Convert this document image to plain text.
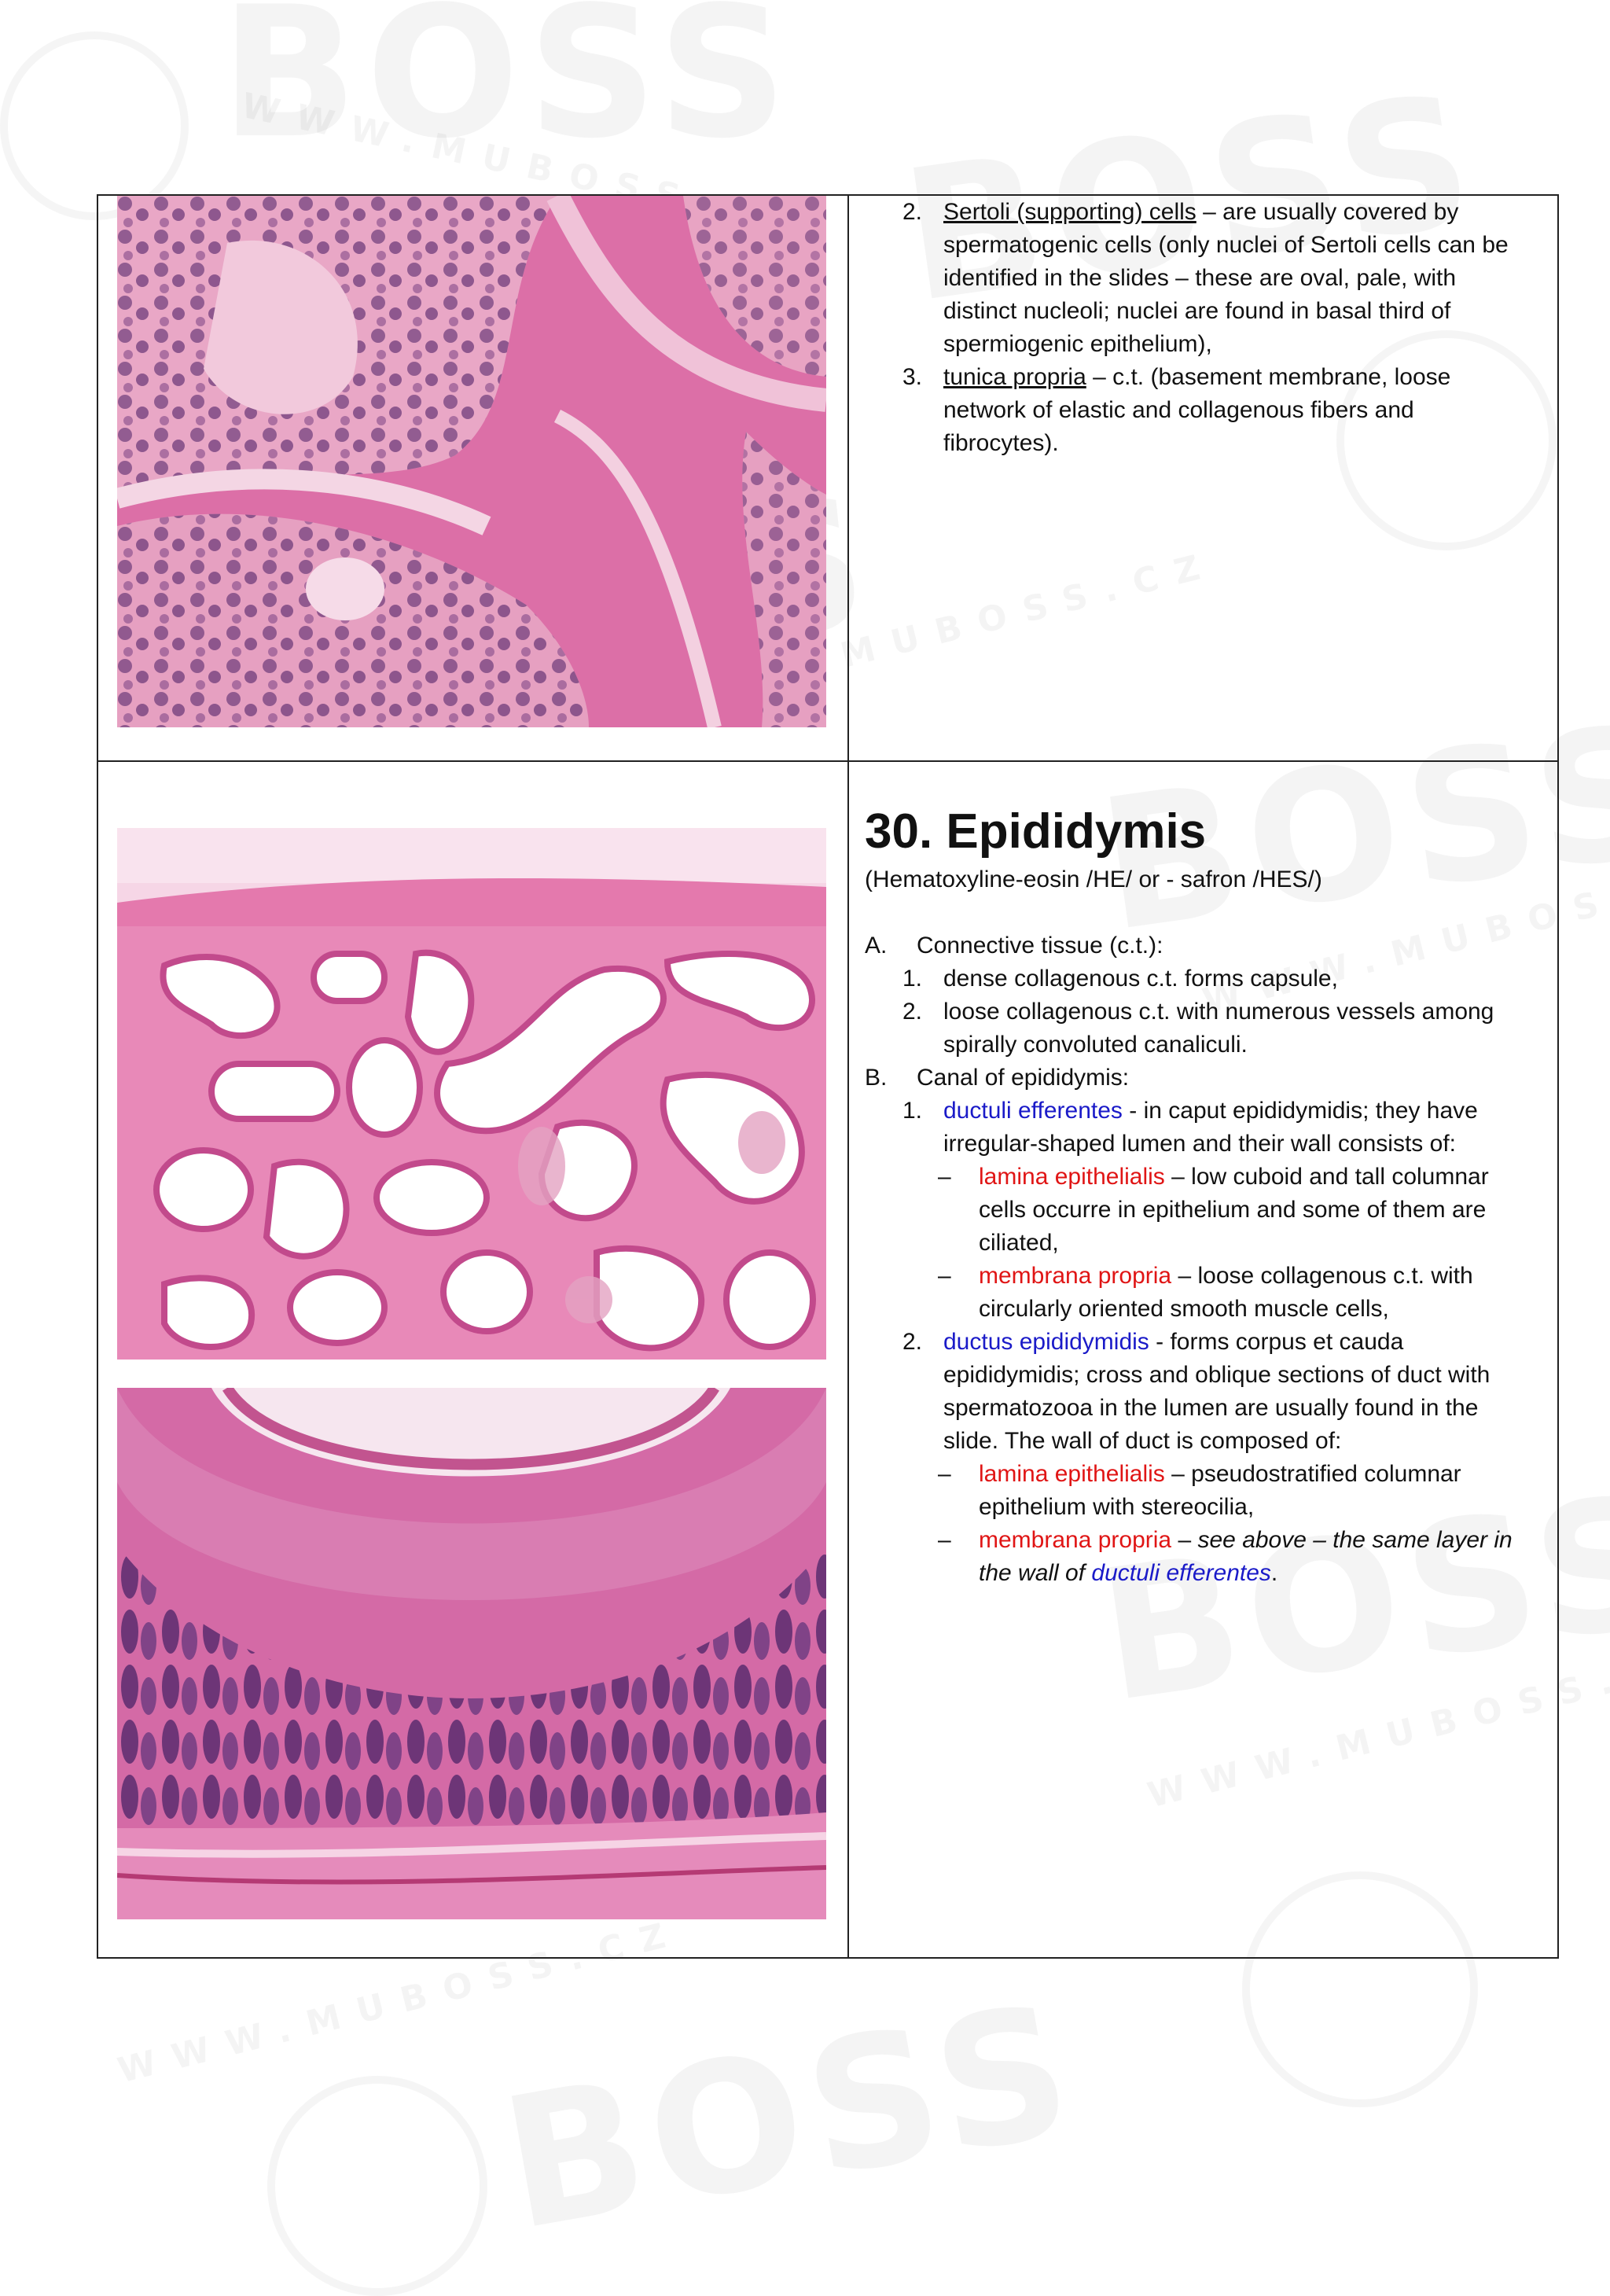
2. Sertoli (supporting) cells – are usually covered by spermatogenic cells (only nuclei of Sertoli cells can be identified in the slides – these are oval, pale, with distinct nucleoli; nuclei are found in basal third of spermiogenic epithelium),
3. tunica propria – c.t. (basement membrane, loose network of elastic and collagenous fibers and fibrocytes).
30. Epididymis
(Hematoxyline-eosin /HE/ or - safron /HES/)
A. Connective tissue (c.t.):
1. dense collagenous c.t. forms capsule,
2. loose collagenous c.t. with numerous vessels among spirally convoluted canaliculi.
B. Canal of epididymis:
1. ductuli efferentes - in caput epididymidis; they have irregular-shaped lumen and their wall consists of:
– lamina epithelialis – low cuboid and tall columnar cells occurre in epithelium and some of them are ciliated,
– membrana propria – loose collagenous c.t. with circularly oriented smooth muscle cells,
2. ductus epididymidis - forms corpus et cauda epididymidis; cross and oblique sections of duct with spermatozooa in the lumen are usually found in the slide. The wall of duct is composed of:
– lamina epithelialis – pseudostratified columnar epithelium with stereocilia,
– membrana propria – see above – the same layer in the wall of ductuli efferentes.
